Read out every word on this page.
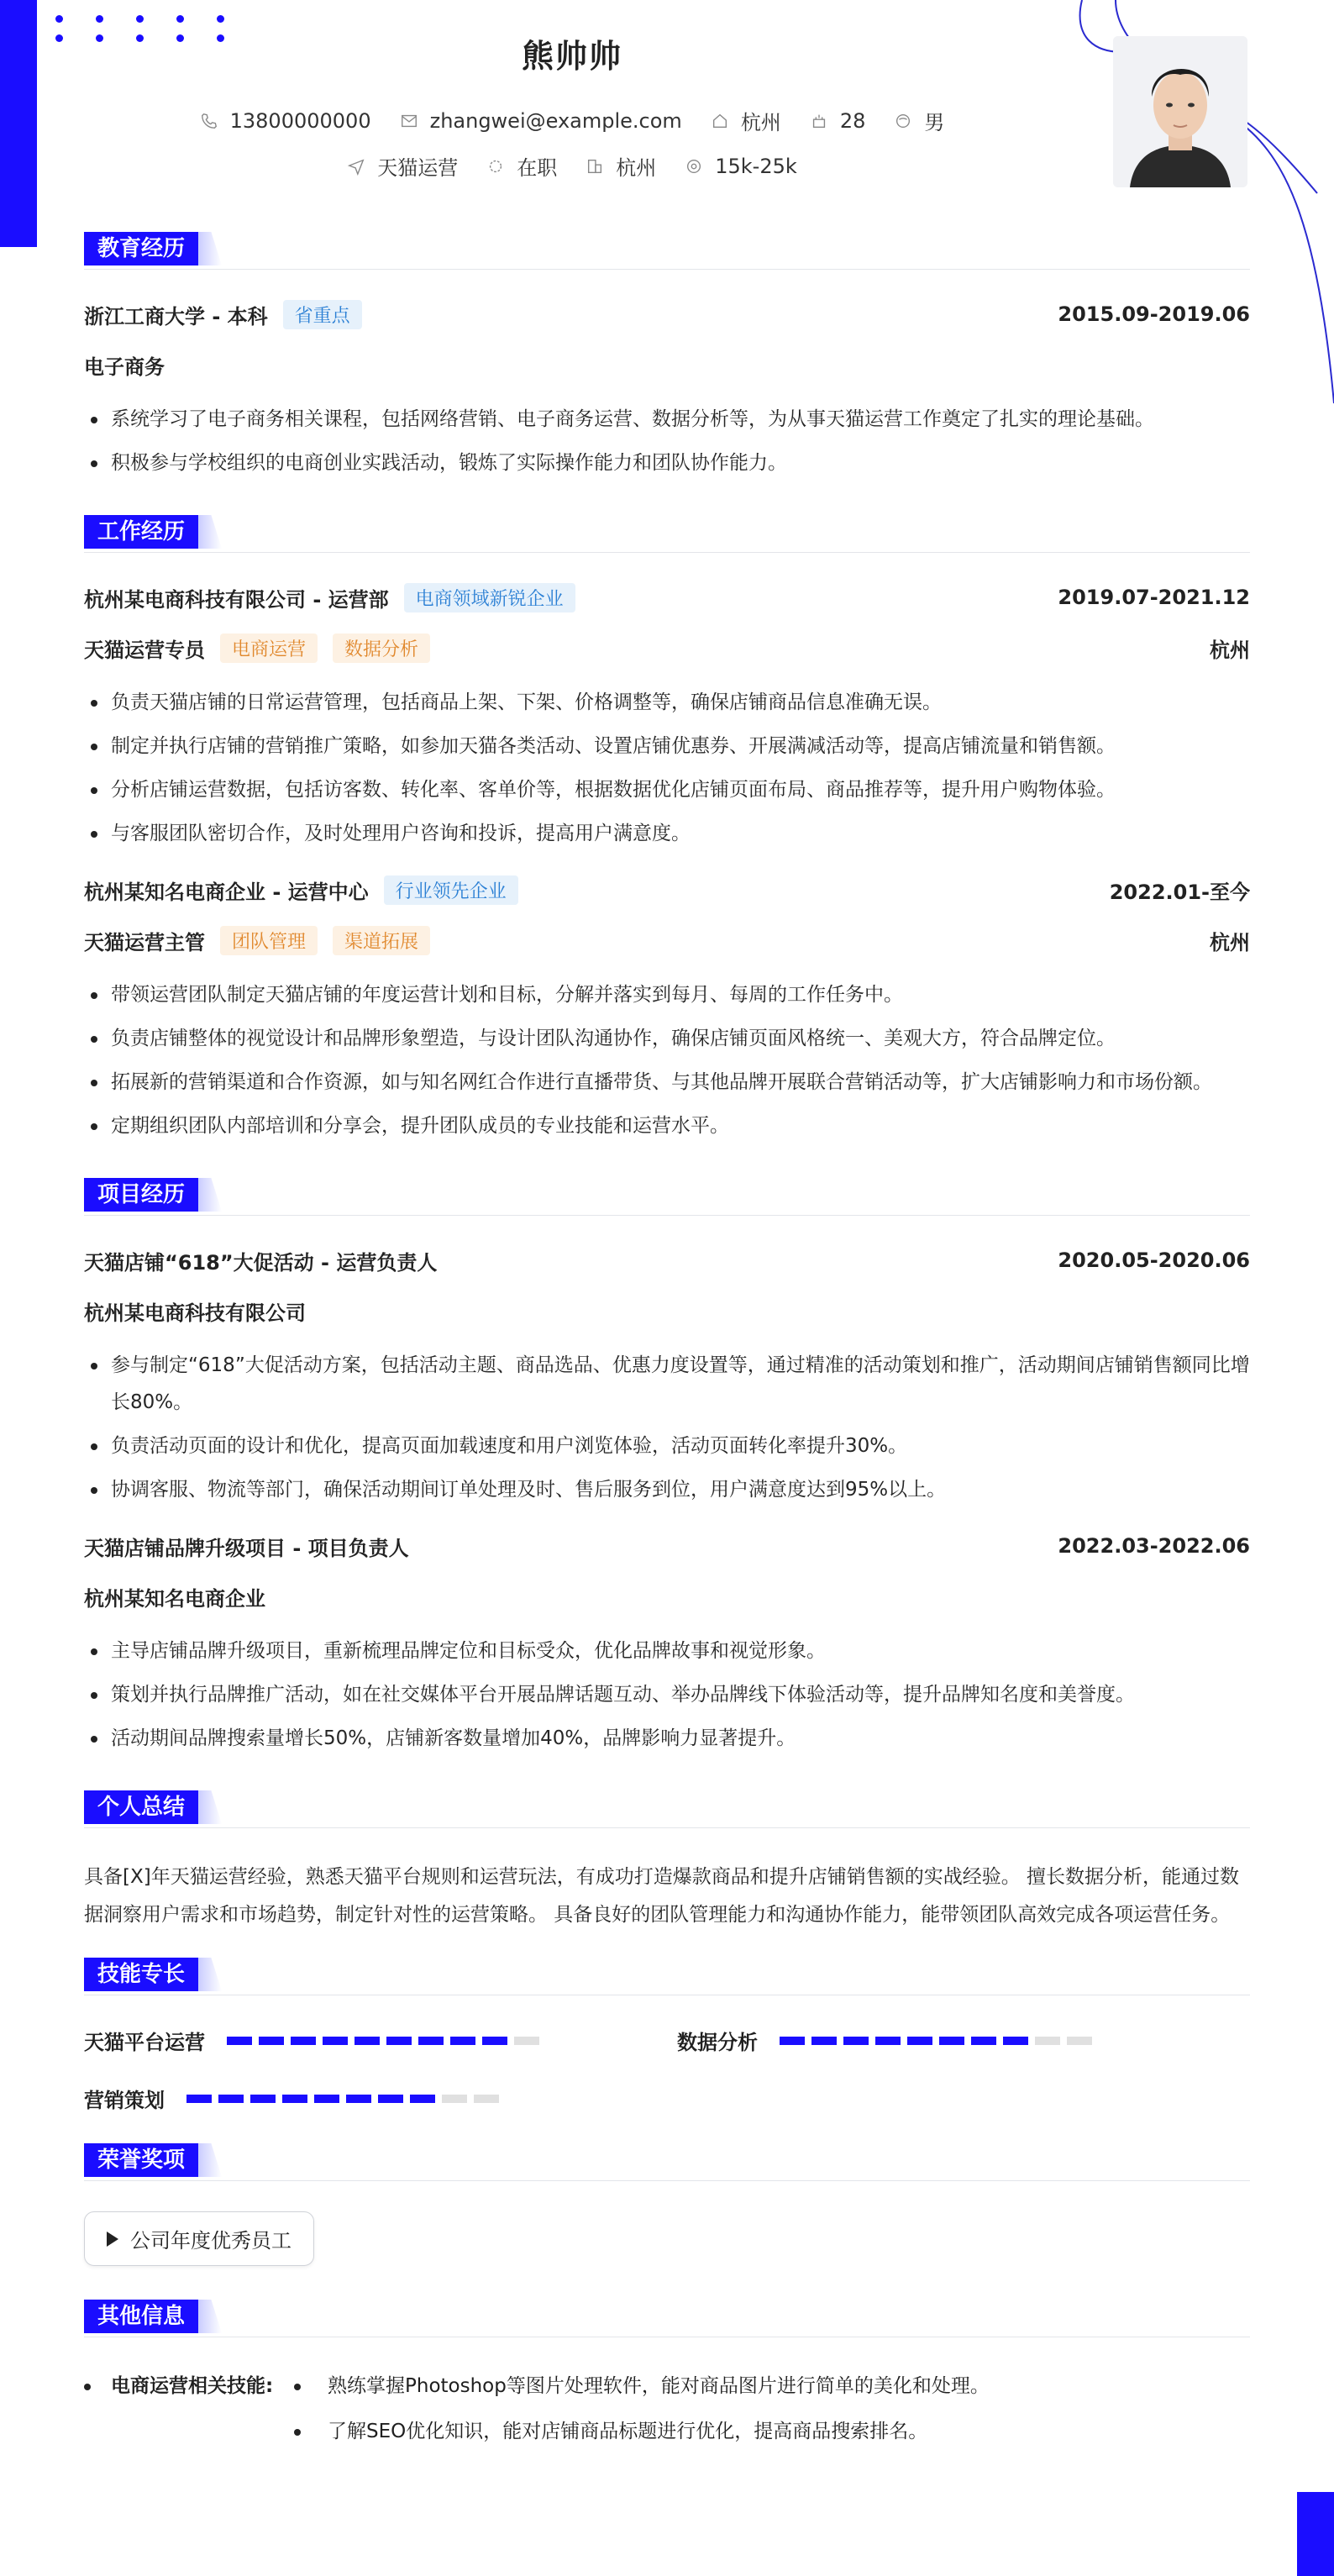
熊帅帅
13800000000	zhangwei@example.com	杭州	28	男
天猫运营	在职	杭州	15k-25k
教育经历
浙江工商大学 - 本科	省重点	2015.09-2019.06
电子商务
系统学习了电子商务相关课程，包括网络营销、电子商务运营、数据分析等，为从事天猫运营工作奠定了扎实的理论基础。
积极参与学校组织的电商创业实践活动，锻炼了实际操作能力和团队协作能力。
工作经历
杭州某电商科技有限公司 - 运营部	电商领域新锐企业	2019.07-2021.12
天猫运营专员	电商运营	数据分析	杭州
负责天猫店铺的日常运营管理，包括商品上架、下架、价格调整等，确保店铺商品信息准确无误。
制定并执行店铺的营销推广策略，如参加天猫各类活动、设置店铺优惠券、开展满减活动等，提高店铺流量和销售额。
分析店铺运营数据，包括访客数、转化率、客单价等，根据数据优化店铺页面布局、商品推荐等，提升用户购物体验。
与客服团队密切合作，及时处理用户咨询和投诉，提高用户满意度。
杭州某知名电商企业 - 运营中心	行业领先企业	2022.01-至今
天猫运营主管	团队管理	渠道拓展	杭州
带领运营团队制定天猫店铺的年度运营计划和目标，分解并落实到每月、每周的工作任务中。
负责店铺整体的视觉设计和品牌形象塑造，与设计团队沟通协作，确保店铺页面风格统一、美观大方，符合品牌定位。
拓展新的营销渠道和合作资源，如与知名网红合作进行直播带货、与其他品牌开展联合营销活动等，扩大店铺影响力和市场份额。
定期组织团队内部培训和分享会，提升团队成员的专业技能和运营水平。
项目经历
天猫店铺“618”大促活动 - 运营负责人	2020.05-2020.06
杭州某电商科技有限公司
参与制定“618”大促活动方案，包括活动主题、商品选品、优惠力度设置等，通过精准的活动策划和推广，活动期间店铺销售额同比增长80%。
负责活动页面的设计和优化，提高页面加载速度和用户浏览体验，活动页面转化率提升30%。
协调客服、物流等部门，确保活动期间订单处理及时、售后服务到位，用户满意度达到95%以上。
天猫店铺品牌升级项目 - 项目负责人	2022.03-2022.06
杭州某知名电商企业
主导店铺品牌升级项目，重新梳理品牌定位和目标受众，优化品牌故事和视觉形象。
策划并执行品牌推广活动，如在社交媒体平台开展品牌话题互动、举办品牌线下体验活动等，提升品牌知名度和美誉度。
活动期间品牌搜索量增长50%，店铺新客数量增加40%，品牌影响力显著提升。
个人总结
具备[X]年天猫运营经验，熟悉天猫平台规则和运营玩法，有成功打造爆款商品和提升店铺销售额的实战经验。 擅长数据分析，能通过数据洞察用户需求和市场趋势，制定针对性的运营策略。 具备良好的团队管理能力和沟通协作能力，能带领团队高效完成各项运营任务。
技能专长
天猫平台运营	数据分析
营销策划
荣誉奖项
公司年度优秀员工
其他信息
电商运营相关技能:	熟练掌握Photoshop等图片处理软件，能对商品图片进行简单的美化和处理。
了解SEO优化知识，能对店铺商品标题进行优化，提高商品搜索排名。
